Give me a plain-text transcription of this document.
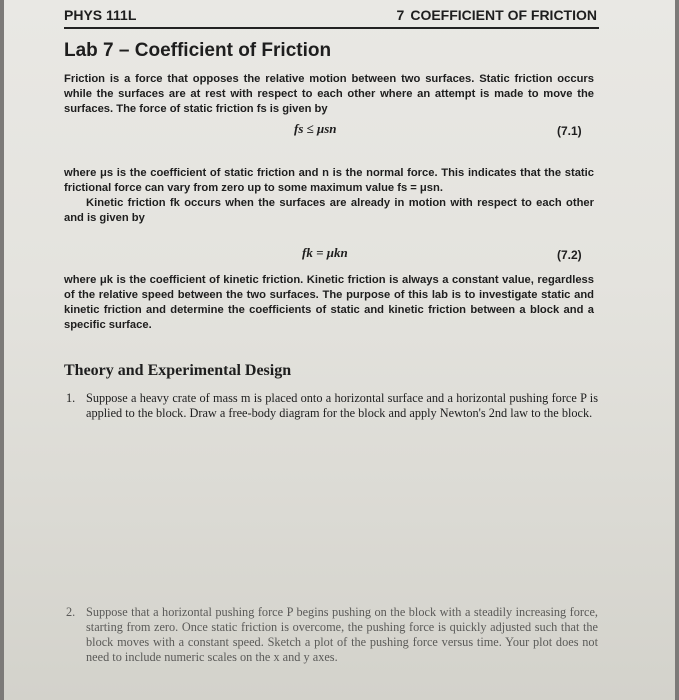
PHYS 111L	7 COEFFICIENT OF FRICTION
Lab 7 – Coefficient of Friction
Friction is a force that opposes the relative motion between two surfaces. Static friction occurs while the surfaces are at rest with respect to each other where an attempt is made to move the surfaces. The force of static friction fs is given by
fs ≤ μsn	(7.1)
where μs is the coefficient of static friction and n is the normal force. This indicates that the static frictional force can vary from zero up to some maximum value fs = μsn.
Kinetic friction fk occurs when the surfaces are already in motion with respect to each other and is given by
fk = μkn	(7.2)
where μk is the coefficient of kinetic friction. Kinetic friction is always a constant value, regardless of the relative speed between the two surfaces. The purpose of this lab is to investigate static and kinetic friction and determine the coefficients of static and kinetic friction between a block and a specific surface.
Theory and Experimental Design
1. Suppose a heavy crate of mass m is placed onto a horizontal surface and a horizontal pushing force P is applied to the block. Draw a free-body diagram for the block and apply Newton's 2nd law to the block.
2. Suppose that a horizontal pushing force P begins pushing on the block with a steadily increasing force, starting from zero. Once static friction is overcome, the pushing force is quickly adjusted such that the block moves with a constant speed. Sketch a plot of the pushing force versus time. Your plot does not need to include numeric scales on the x and y axes.
